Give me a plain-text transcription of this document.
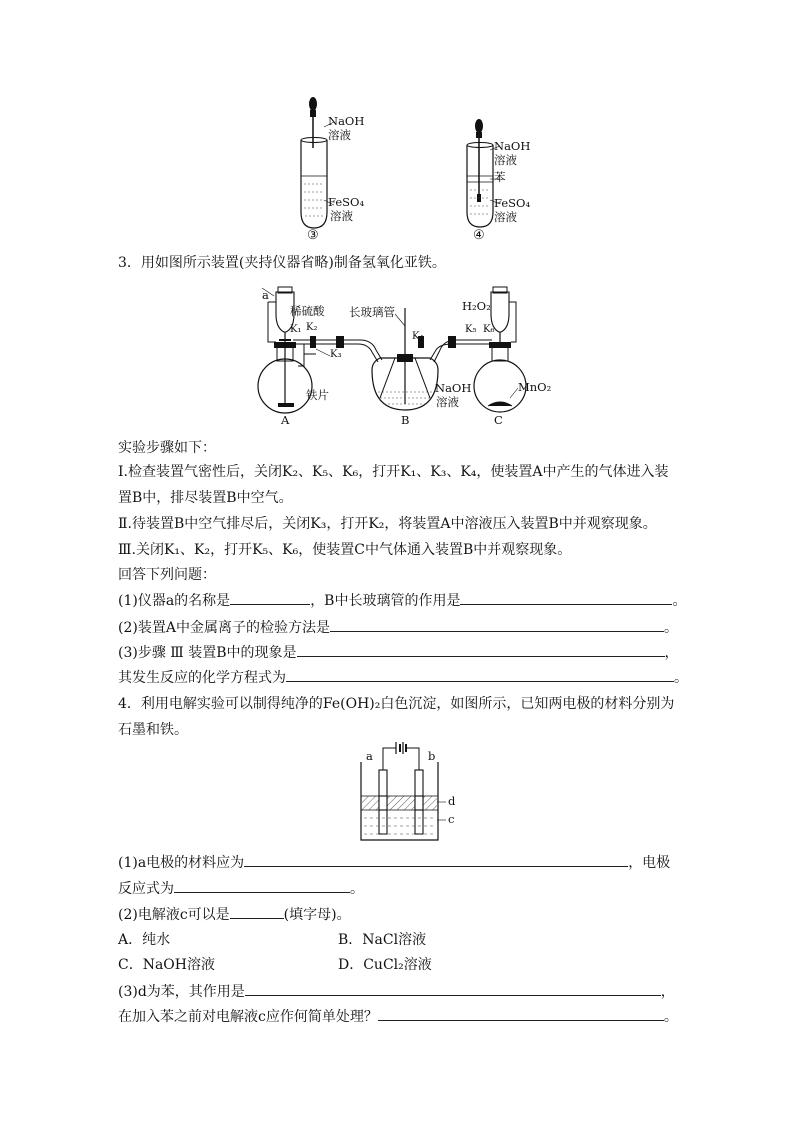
NaOH
溶液
FeSO₄
溶液
③
NaOH
溶液
苯
FeSO₄
溶液
④
3．用如图所示装置(夹持仪器省略)制备氢氧化亚铁。
a
稀硫酸
K₁ K₂
K₃
长玻璃管
K₄
H₂O₂
K₅ K₆
铁片	NaOH
溶液
MnO₂
A	B	C
实验步骤如下：
Ⅰ.检查装置气密性后，关闭K₂、K₅、K₆，打开K₁、K₃、K₄，使装置A中产生的气体进入装
置B中，排尽装置B中空气。
Ⅱ.待装置B中空气排尽后，关闭K₃，打开K₂，将装置A中溶液压入装置B中并观察现象。
Ⅲ.关闭K₁、K₂，打开K₅、K₆，使装置C中气体通入装置B中并观察现象。
回答下列问题：
(1)仪器a的名称是	，B中长玻璃管的作用是	。
(2)装置A中金属离子的检验方法是	。
(3)步骤 Ⅲ 装置B中的现象是	，
其发生反应的化学方程式为	。
4．利用电解实验可以制得纯净的Fe(OH)₂白色沉淀，如图所示，已知两电极的材料分别为
石墨和铁。
a	b
d
c
(1)a电极的材料应为	，电极
反应式为	。
(2)电解液c可以是	(填字母)。
A．纯水	B．NaCl溶液
C．NaOH溶液	D．CuCl₂溶液
(3)d为苯，其作用是	，
在加入苯之前对电解液c应作何简单处理？	。
